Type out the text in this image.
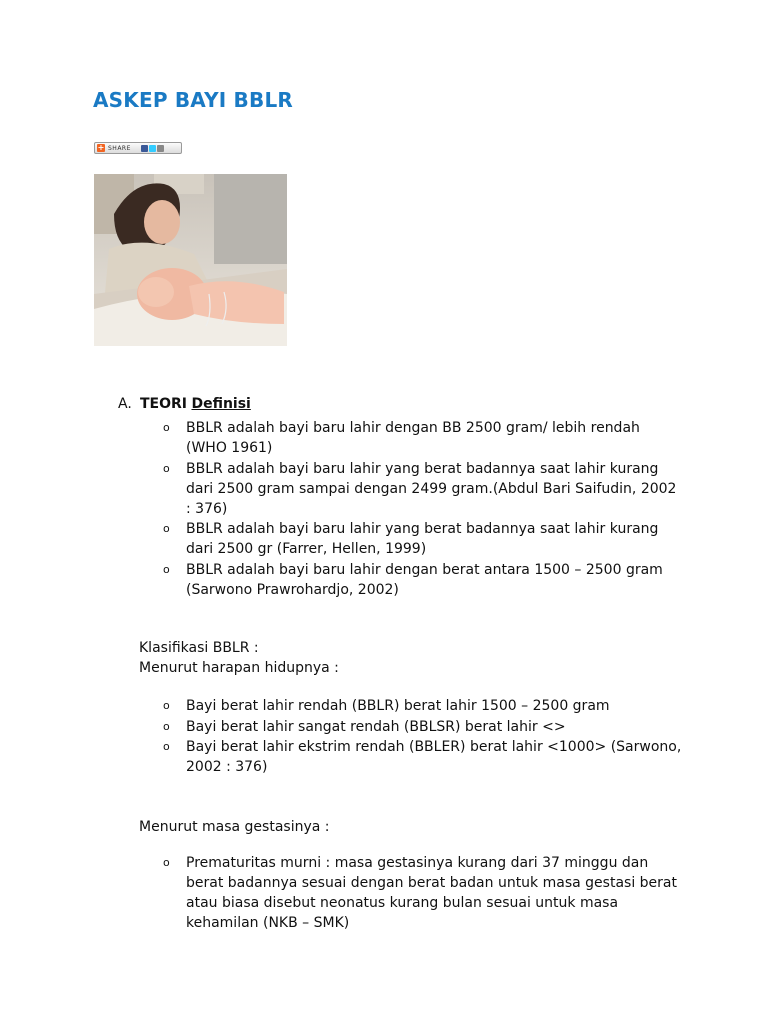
ASKEP BAYI BBLR
+ SHARE
A. TEORI Definisi
o BBLR adalah bayi baru lahir dengan BB 2500 gram/ lebih rendah (WHO 1961)
o BBLR adalah bayi baru lahir yang berat badannya saat lahir kurang dari 2500 gram sampai dengan 2499 gram.(Abdul Bari Saifudin, 2002 : 376)
o BBLR adalah bayi baru lahir yang berat badannya saat lahir kurang dari 2500 gr (Farrer, Hellen, 1999)
o BBLR adalah bayi baru lahir dengan berat antara 1500 – 2500 gram (Sarwono Prawrohardjo, 2002)

Klasifikasi BBLR :

Menurut harapan hidupnya :

o Bayi berat lahir rendah (BBLR) berat lahir 1500 – 2500 gram
o Bayi berat lahir sangat rendah (BBLSR) berat lahir <>
o Bayi berat lahir ekstrim rendah (BBLER) berat lahir <1000> (Sarwono, 2002 : 376)

Menurut masa gestasinya :

o Prematuritas murni : masa gestasinya kurang dari 37 minggu dan berat badannya sesuai dengan berat badan untuk masa gestasi berat atau biasa disebut neonatus kurang bulan sesuai untuk masa kehamilan (NKB – SMK)
